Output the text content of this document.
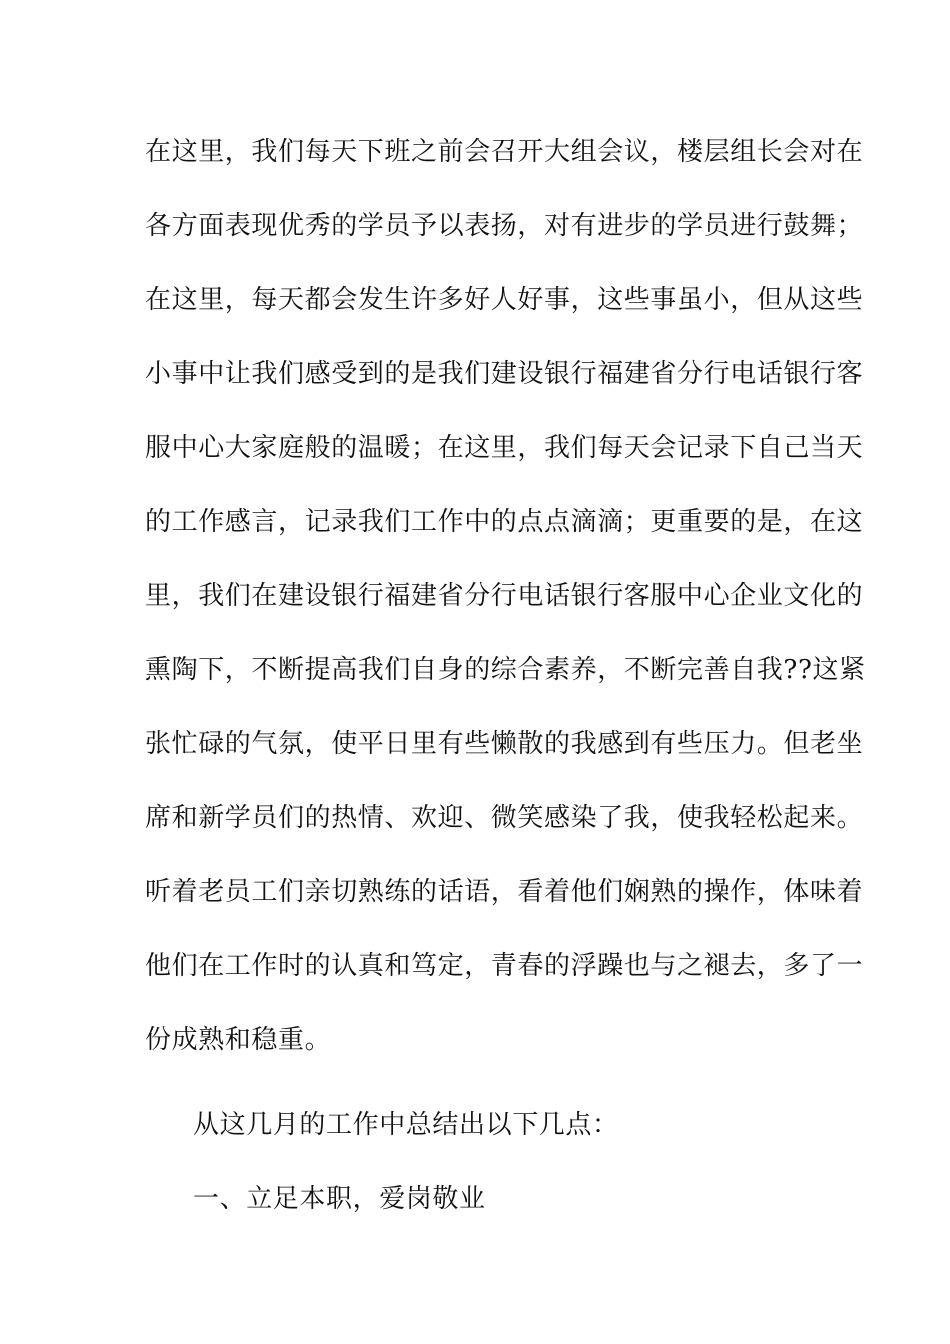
在这里，我们每天下班之前会召开大组会议，楼层组长会对在
各方面表现优秀的学员予以表扬，对有进步的学员进行鼓舞；
在这里，每天都会发生许多好人好事，这些事虽小，但从这些
小事中让我们感受到的是我们建设银行福建省分行电话银行客
服中心大家庭般的温暖；在这里，我们每天会记录下自己当天
的工作感言，记录我们工作中的点点滴滴；更重要的是，在这
里，我们在建设银行福建省分行电话银行客服中心企业文化的
熏陶下，不断提高我们自身的综合素养，不断完善自我??这紧
张忙碌的气氛，使平日里有些懒散的我感到有些压力。但老坐
席和新学员们的热情、欢迎、微笑感染了我，使我轻松起来。
听着老员工们亲切熟练的话语，看着他们娴熟的操作，体味着
他们在工作时的认真和笃定，青春的浮躁也与之褪去，多了一
份成熟和稳重。
从这几月的工作中总结出以下几点：
一、立足本职，爱岗敬业
